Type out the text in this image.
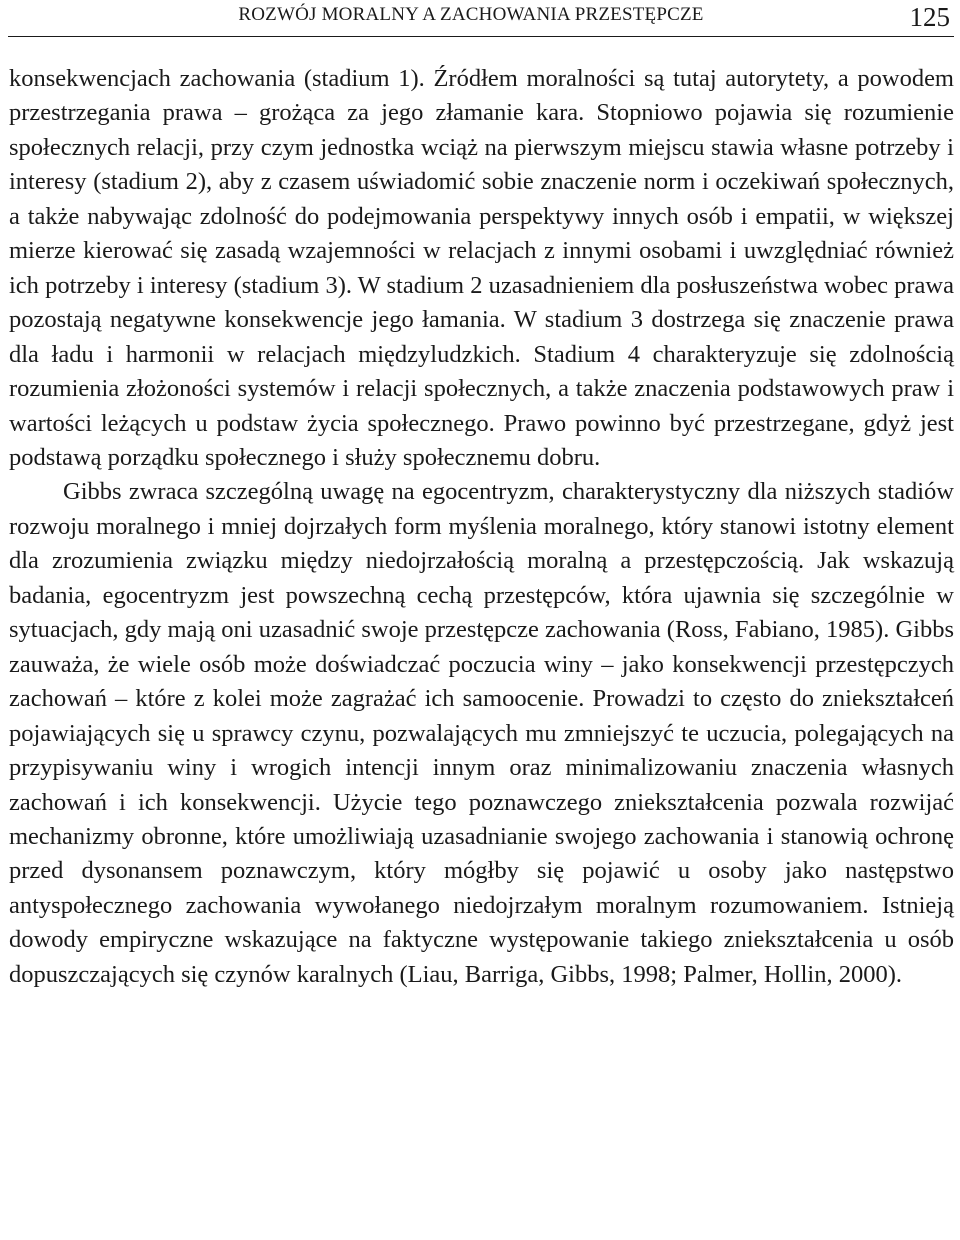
ROZWÓJ MORALNY A ZACHOWANIA PRZESTĘPCZE	125

konsekwencjach zachowania (stadium 1). Źródłem moralności są tutaj autorytety, a powodem przestrzegania prawa – grożąca za jego złamanie kara. Stopniowo pojawia się rozumienie społecznych relacji, przy czym jednostka wciąż na pierwszym miejscu stawia własne potrzeby i interesy (stadium 2), aby z czasem uświadomić sobie znaczenie norm i oczekiwań społecznych, a także nabywając zdolność do podejmowania perspektywy innych osób i empatii, w większej mierze kierować się zasadą wzajemności w relacjach z innymi osobami i uwzględniać również ich potrzeby i interesy (stadium 3). W stadium 2 uzasadnieniem dla posłuszeństwa wobec prawa pozostają negatywne konsekwencje jego łamania. W stadium 3 dostrzega się znaczenie prawa dla ładu i harmonii w relacjach międzyludzkich. Stadium 4 charakteryzuje się zdolnością rozumienia złożoności systemów i relacji społecznych, a także znaczenia podstawowych praw i wartości leżących u podstaw życia społecznego. Prawo powinno być przestrzegane, gdyż jest podstawą porządku społecznego i służy społecznemu dobru.

Gibbs zwraca szczególną uwagę na egocentryzm, charakterystyczny dla niższych stadiów rozwoju moralnego i mniej dojrzałych form myślenia moralnego, który stanowi istotny element dla zrozumienia związku między niedojrzałością moralną a przestępczością. Jak wskazują badania, egocentryzm jest powszechną cechą przestępców, która ujawnia się szczególnie w sytuacjach, gdy mają oni uzasadnić swoje przestępcze zachowania (Ross, Fabiano, 1985). Gibbs zauważa, że wiele osób może doświadczać poczucia winy – jako konsekwencji przestępczych zachowań – które z kolei może zagrażać ich samoocenie. Prowadzi to często do zniekształceń pojawiających się u sprawcy czynu, pozwalających mu zmniejszyć te uczucia, polegających na przypisywaniu winy i wrogich intencji innym oraz minimalizowaniu znaczenia własnych zachowań i ich konsekwencji. Użycie tego poznawczego zniekształcenia pozwala rozwijać mechanizmy obronne, które umożliwiają uzasadnianie swojego zachowania i stanowią ochronę przed dysonansem poznawczym, który mógłby się pojawić u osoby jako następstwo antyspołecznego zachowania wywołanego niedojrzałym moralnym rozumowaniem. Istnieją dowody empiryczne wskazujące na faktyczne występowanie takiego zniekształcenia u osób dopuszczających się czynów karalnych (Liau, Barriga, Gibbs, 1998; Palmer, Hollin, 2000).
